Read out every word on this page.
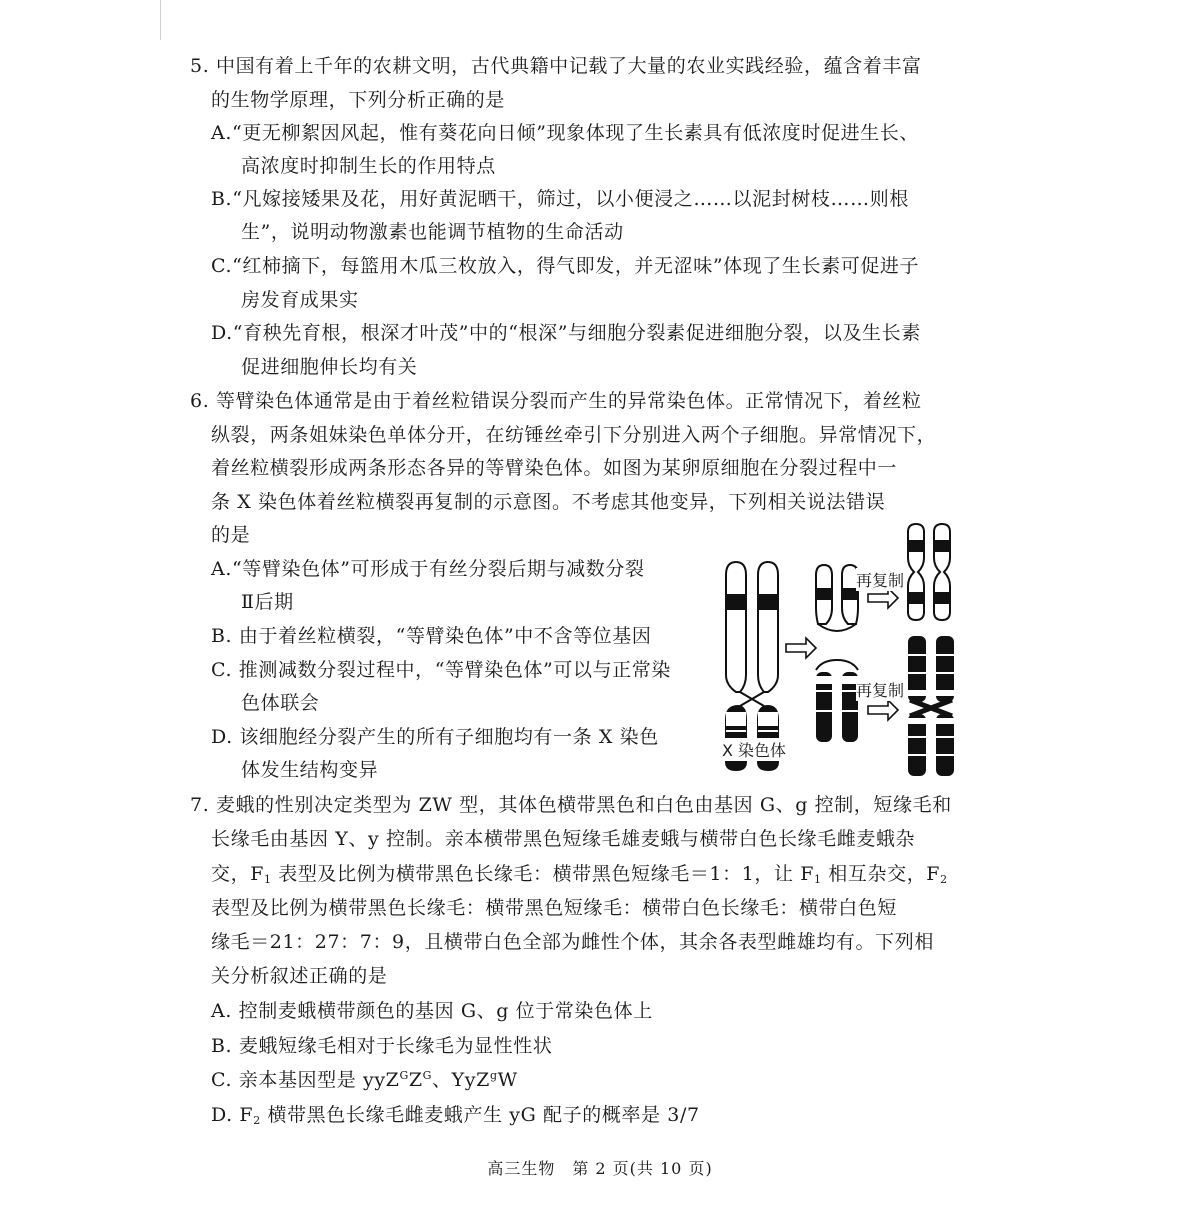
5. 中国有着上千年的农耕文明，古代典籍中记载了大量的农业实践经验，蕴含着丰富
的生物学原理，下列分析正确的是
A.“更无柳絮因风起，惟有葵花向日倾”现象体现了生长素具有低浓度时促进生长、
高浓度时抑制生长的作用特点
B.“凡嫁接矮果及花，用好黄泥晒干，筛过，以小便浸之……以泥封树枝……则根
生”，说明动物激素也能调节植物的生命活动
C.“红柿摘下，每篮用木瓜三枚放入，得气即发，并无涩味”体现了生长素可促进子
房发育成果实
D.“育秧先育根，根深才叶茂”中的“根深”与细胞分裂素促进细胞分裂，以及生长素
促进细胞伸长均有关
6. 等臂染色体通常是由于着丝粒错误分裂而产生的异常染色体。正常情况下，着丝粒
纵裂，两条姐妹染色单体分开，在纺锤丝牵引下分别进入两个子细胞。异常情况下，
着丝粒横裂形成两条形态各异的等臂染色体。如图为某卵原细胞在分裂过程中一
条 X 染色体着丝粒横裂再复制的示意图。不考虑其他变异，下列相关说法错误
的是
A.“等臂染色体”可形成于有丝分裂后期与减数分裂
Ⅱ后期
B. 由于着丝粒横裂，“等臂染色体”中不含等位基因
C. 推测减数分裂过程中，“等臂染色体”可以与正常染
色体联会
D. 该细胞经分裂产生的所有子细胞均有一条 X 染色
体发生结构变异
再复制
再复制
X 染色体
7. 麦蛾的性别决定类型为 ZW 型，其体色横带黑色和白色由基因 G、g 控制，短缘毛和
长缘毛由基因 Y、y 控制。亲本横带黑色短缘毛雄麦蛾与横带白色长缘毛雌麦蛾杂
交，$F_1$ 表型及比例为横带黑色长缘毛：横带黑色短缘毛＝1：1，让 $F_1$ 相互杂交，$F_2$
表型及比例为横带黑色长缘毛：横带黑色短缘毛：横带白色长缘毛：横带白色短
缘毛＝21：27：7：9，且横带白色全部为雌性个体，其余各表型雌雄均有。下列相
关分析叙述正确的是
A. 控制麦蛾横带颜色的基因 G、g 位于常染色体上
B. 麦蛾短缘毛相对于长缘毛为显性性状
C. 亲本基因型是 $yyZ^GZ^G$、YyZ$^g$W
D. $F_2$ 横带黑色长缘毛雌麦蛾产生 yG 配子的概率是 3/7
高三生物　第 2 页(共 10 页)
